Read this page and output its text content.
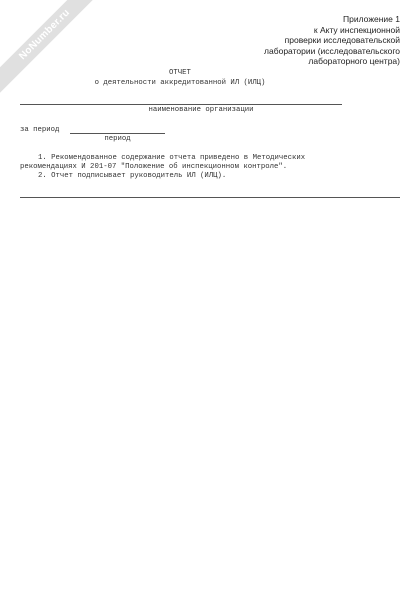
NoNumber.ru	Приложение 1
к Акту инспекционной
проверки исследовательской
лаборатории (исследовательского
лабораторного центра)
ОТЧЕТ
о деятельности аккредитованной ИЛ (ИЛЦ)
наименование организации
за период
период
1. Рекомендованное содержание отчета приведено в Методических
рекомендациях И 201-07 "Положение об инспекционном контроле".
2. Отчет подписывает руководитель ИЛ (ИЛЦ).
